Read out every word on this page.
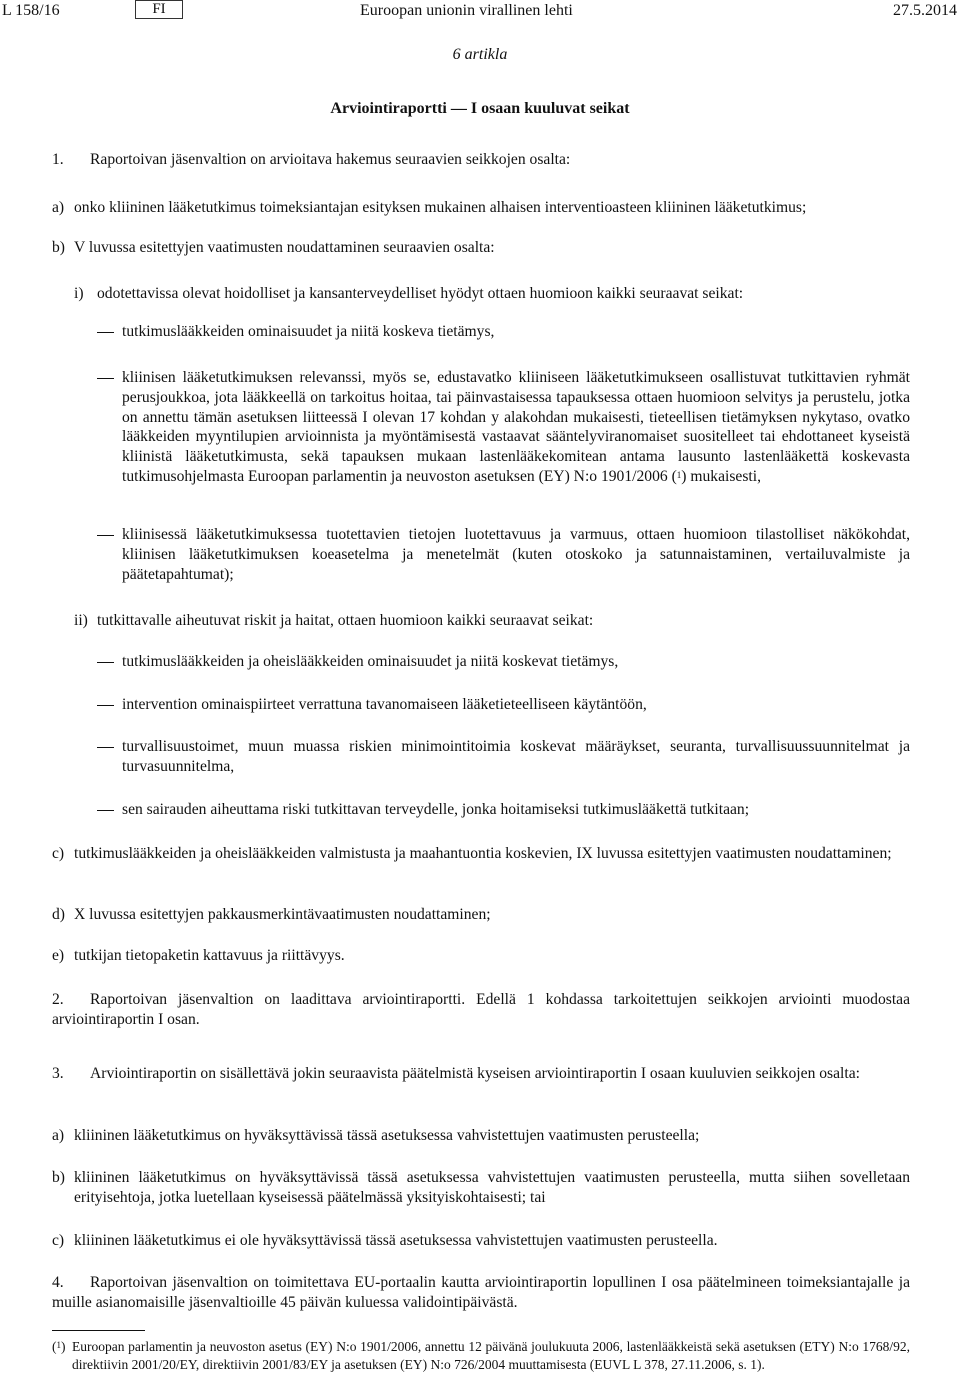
L 158/16	FI	Euroopan unionin virallinen lehti	27.5.2014
6 artikla
Arviointiraportti — I osaan kuuluvat seikat
1. Raportoivan jäsenvaltion on arvioitava hakemus seuraavien seikkojen osalta:
a) onko kliininen lääketutkimus toimeksiantajan esityksen mukainen alhaisen interventioasteen kliininen lääketutkimus;
b) V luvussa esitettyjen vaatimusten noudattaminen seuraavien osalta:
i) odotettavissa olevat hoidolliset ja kansanterveydelliset hyödyt ottaen huomioon kaikki seuraavat seikat:
tutkimuslääkkeiden ominaisuudet ja niitä koskeva tietämys,
kliinisen lääketutkimuksen relevanssi, myös se, edustavatko kliiniseen lääketutkimukseen osallistuvat tutkittavien ryhmät perusjoukkoa, jota lääkkeellä on tarkoitus hoitaa, tai päinvastaisessa tapauksessa ottaen huomioon selvitys ja perustelu, jotka on annettu tämän asetuksen liitteessä I olevan 17 kohdan y alakohdan mukaisesti, tieteellisen tietämyksen nykytaso, ovatko lääkkeiden myyntilupien arvioinnista ja myöntämisestä vastaavat sääntelyviranomaiset suositelleet tai ehdottaneet kyseistä kliinistä lääketutkimusta, sekä tapauksen mukaan lastenlääkekomitean antama lausunto lastenlääkettä koskevasta tutkimusohjelmasta Euroopan parlamentin ja neuvoston asetuksen (EY) N:o 1901/2006 ($^1$) mukaisesti,
kliinisessä lääketutkimuksessa tuotettavien tietojen luotettavuus ja varmuus, ottaen huomioon tilastolliset näkökohdat, kliinisen lääketutkimuksen koeasetelma ja menetelmät (kuten otoskoko ja satunnaistaminen, vertailuvalmiste ja päätetapahtumat);
ii) tutkittavalle aiheutuvat riskit ja haitat, ottaen huomioon kaikki seuraavat seikat:
tutkimuslääkkeiden ja oheislääkkeiden ominaisuudet ja niitä koskevat tietämys,
intervention ominaispiirteet verrattuna tavanomaiseen lääketieteelliseen käytäntöön,
turvallisuustoimet, muun muassa riskien minimointitoimia koskevat määräykset, seuranta, turvallisuussuunnitelmat ja turvasuunnitelma,
sen sairauden aiheuttama riski tutkittavan terveydelle, jonka hoitamiseksi tutkimuslääkettä tutkitaan;
c) tutkimuslääkkeiden ja oheislääkkeiden valmistusta ja maahantuontia koskevien, IX luvussa esitettyjen vaatimusten noudattaminen;
d) X luvussa esitettyjen pakkausmerkintävaatimusten noudattaminen;
e) tutkijan tietopaketin kattavuus ja riittävyys.
2. Raportoivan jäsenvaltion on laadittava arviointiraportti. Edellä 1 kohdassa tarkoitettujen seikkojen arviointi muodostaa arviointiraportin I osan.
3. Arviointiraportin on sisällettävä jokin seuraavista päätelmistä kyseisen arviointiraportin I osaan kuuluvien seikkojen osalta:
a) kliininen lääketutkimus on hyväksyttävissä tässä asetuksessa vahvistettujen vaatimusten perusteella;
b) kliininen lääketutkimus on hyväksyttävissä tässä asetuksessa vahvistettujen vaatimusten perusteella, mutta siihen sovelletaan erityisehtoja, jotka luetellaan kyseisessä päätelmässä yksityiskohtaisesti; tai
c) kliininen lääketutkimus ei ole hyväksyttävissä tässä asetuksessa vahvistettujen vaatimusten perusteella.
4. Raportoivan jäsenvaltion on toimitettava EU-portaalin kautta arviointiraportin lopullinen I osa päätelmineen toimeksiantajalle ja muille asianomaisille jäsenvaltioille 45 päivän kuluessa validointipäivästä.
($^1$) Euroopan parlamentin ja neuvoston asetus (EY) N:o 1901/2006, annettu 12 päivänä joulukuuta 2006, lastenlääkkeistä sekä asetuksen (ETY) N:o 1768/92, direktiivin 2001/20/EY, direktiivin 2001/83/EY ja asetuksen (EY) N:o 726/2004 muuttamisesta (EUVL L 378, 27.11.2006, s. 1).
